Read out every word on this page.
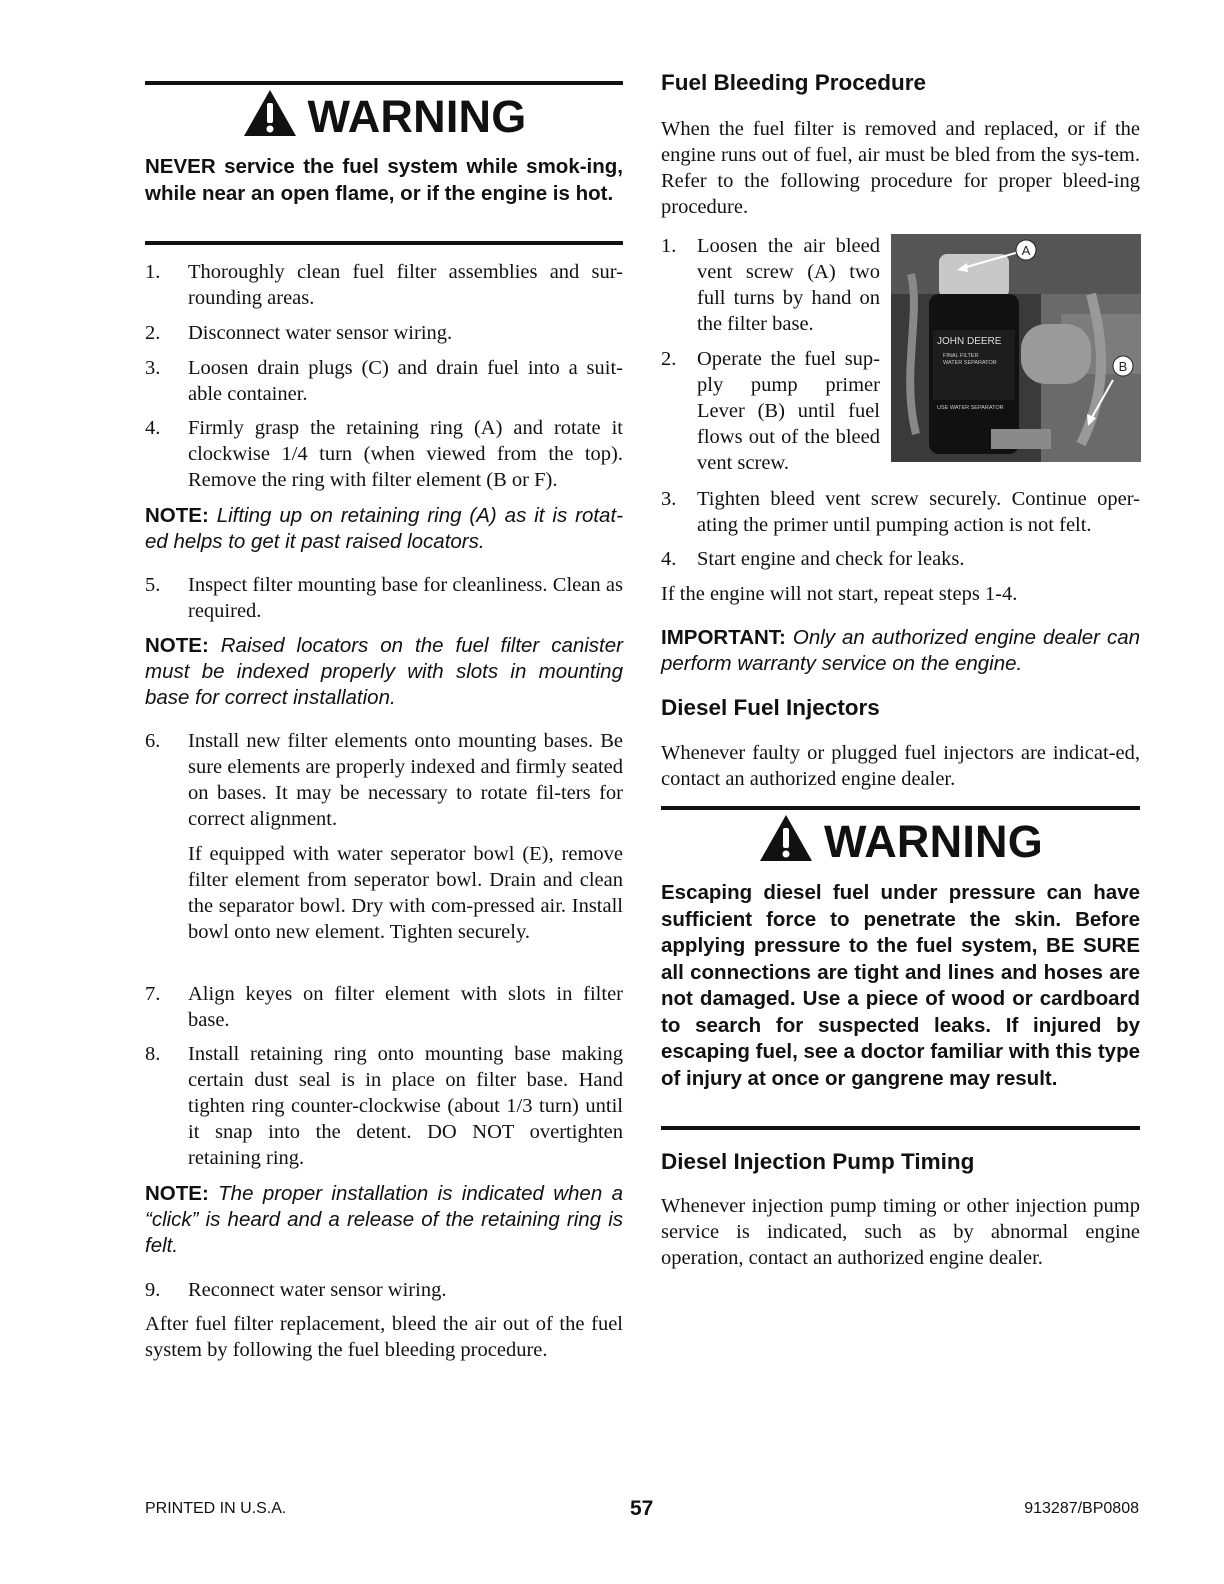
WARNING
NEVER service the fuel system while smok-ing, while near an open flame, or if the engine is hot.
1. Thoroughly clean fuel filter assemblies and sur-rounding areas.
2. Disconnect water sensor wiring.
3. Loosen drain plugs (C) and drain fuel into a suit-able container.
4. Firmly grasp the retaining ring (A) and rotate it clockwise 1/4 turn (when viewed from the top). Remove the ring with filter element (B or F).
NOTE: Lifting up on retaining ring (A) as it is rotat-ed helps to get it past raised locators.
5. Inspect filter mounting base for cleanliness. Clean as required.
NOTE: Raised locators on the fuel filter canister must be indexed properly with slots in mounting base for correct installation.
6. Install new filter elements onto mounting bases. Be sure elements are properly indexed and firmly seated on bases. It may be necessary to rotate fil-ters for correct alignment.
If equipped with water seperator bowl (E), remove filter element from seperator bowl. Drain and clean the separator bowl. Dry with com-pressed air. Install bowl onto new element. Tighten securely.
7. Align keyes on filter element with slots in filter base.
8. Install retaining ring onto mounting base making certain dust seal is in place on filter base. Hand tighten ring counter-clockwise (about 1/3 turn) until it snap into the detent. DO NOT overtighten retaining ring.
NOTE: The proper installation is indicated when a “click” is heard and a release of the retaining ring is felt.
9. Reconnect water sensor wiring.
After fuel filter replacement, bleed the air out of the fuel system by following the fuel bleeding procedure.
Fuel Bleeding Procedure
When the fuel filter is removed and replaced, or if the engine runs out of fuel, air must be bled from the sys-tem. Refer to the following procedure for proper bleed-ing procedure.
1. Loosen the air bleed vent screw (A) two full turns by hand on the filter base.
2. Operate the fuel sup-ply pump primer Lever (B) until fuel flows out of the bleed vent screw.
JOHN DEERE
FINAL FILTER
WATER SEPARATOR
USE WATER SEPARATOR
A
B
3. Tighten bleed vent screw securely. Continue oper-ating the primer until pumping action is not felt.
4. Start engine and check for leaks.
If the engine will not start, repeat steps 1-4.
IMPORTANT: Only an authorized engine dealer can perform warranty service on the engine.
Diesel Fuel Injectors
Whenever faulty or plugged fuel injectors are indicat-ed, contact an authorized engine dealer.
WARNING
Escaping diesel fuel under pressure can have sufficient force to penetrate the skin. Before applying pressure to the fuel system, BE SURE all connections are tight and lines and hoses are not damaged. Use a piece of wood or cardboard to search for suspected leaks. If injured by escaping fuel, see a doctor familiar with this type of injury at once or gangrene may result.
Diesel Injection Pump Timing
Whenever injection pump timing or other injection pump service is indicated, such as by abnormal engine operation, contact an authorized engine dealer.
PRINTED IN U.S.A.	57	913287/BP0808
